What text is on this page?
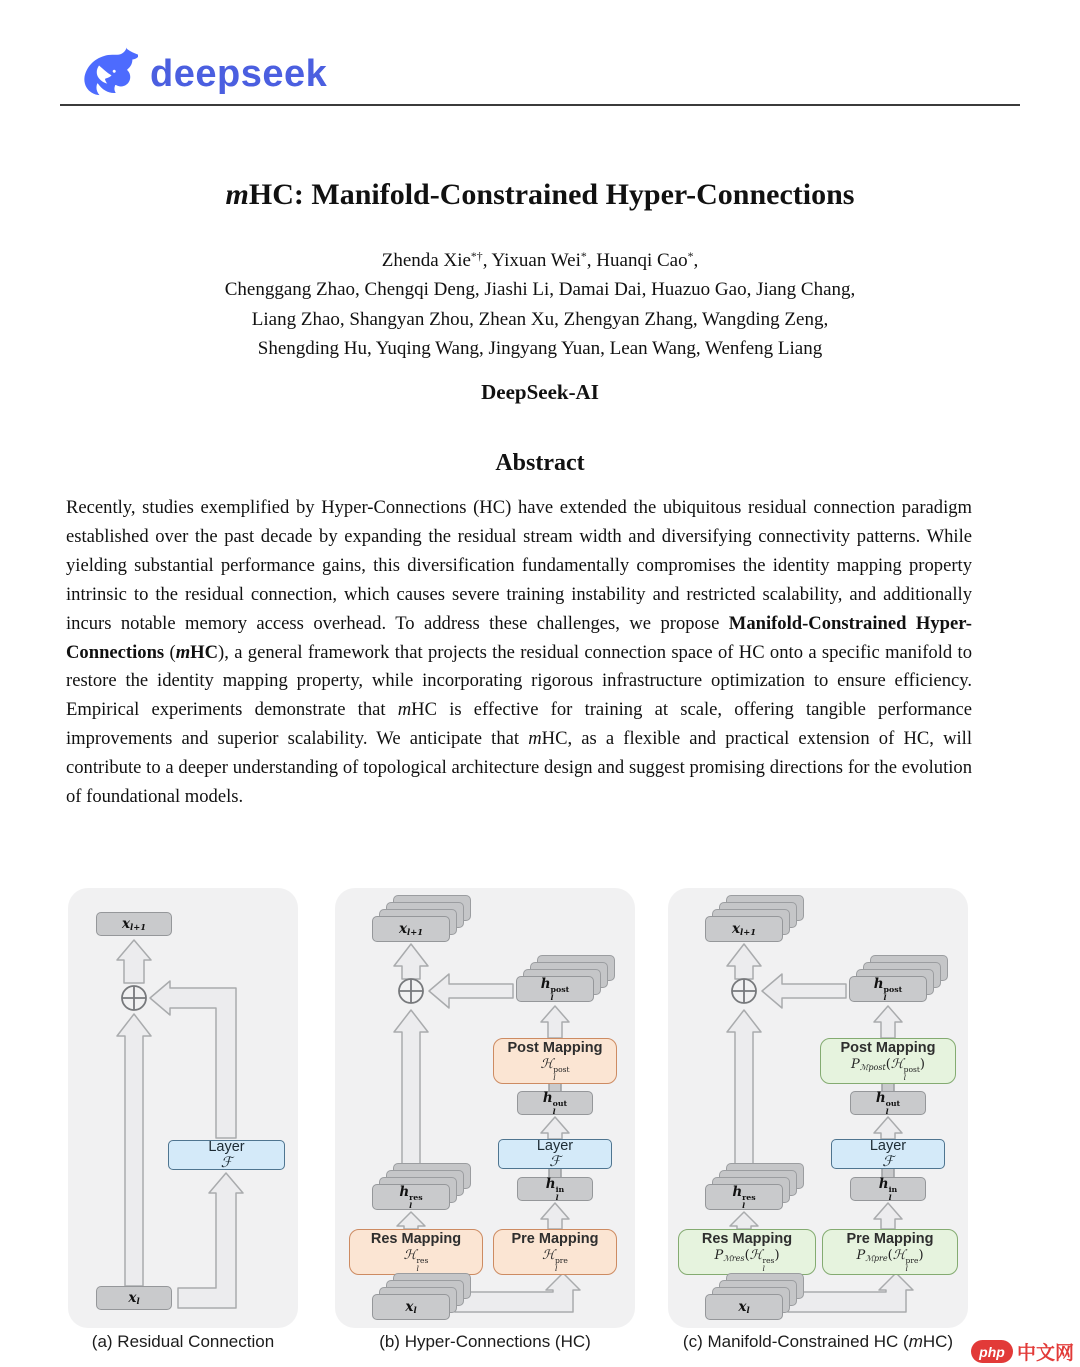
deepseek
mHC: Manifold-Constrained Hyper-Connections
Zhenda Xie*†, Yixuan Wei*, Huanqi Cao*,
Chenggang Zhao, Chengqi Deng, Jiashi Li, Damai Dai, Huazuo Gao, Jiang Chang,
Liang Zhao, Shangyan Zhou, Zhean Xu, Zhengyan Zhang, Wangding Zeng,
Shengding Hu, Yuqing Wang, Jingyang Yuan, Lean Wang, Wenfeng Liang
DeepSeek-AI
Abstract
Recently, studies exemplified by Hyper-Connections (HC) have extended the ubiquitous residual connection paradigm established over the past decade by expanding the residual stream width and diversifying connectivity patterns. While yielding substantial performance gains, this diversification fundamentally compromises the identity mapping property intrinsic to the residual connection, which causes severe training instability and restricted scalability, and additionally incurs notable memory access overhead. To address these challenges, we propose Manifold-Constrained Hyper-Connections (mHC), a general framework that projects the residual connection space of HC onto a specific manifold to restore the identity mapping property, while incorporating rigorous infrastructure optimization to ensure efficiency. Empirical experiments demonstrate that mHC is effective for training at scale, offering tangible performance improvements and superior scalability. We anticipate that mHC, as a flexible and practical extension of HC, will contribute to a deeper understanding of topological architecture design and suggest promising directions for the evolution of foundational models.
xl+1
Layer
ℱ
xl
(a) Residual Connection
xl+1
h post
l
Post Mapping
ℋ post
l
h out
l
Layer
ℱ
h in
l
Pre Mapping
ℋ pre
l
Res Mapping
ℋ res
l
h res
l
xl
(b) Hyper-Connections (HC)
xl+1
h post
l
Post Mapping
Pℳpost(ℋ post
l
)
h out
l
Layer
ℱ
h in
l
Pre Mapping
Pℳpre(ℋ pre
l
)
Res Mapping
Pℳres(ℋ res
l
)
h res
l
xl
(c) Manifold-Constrained HC (mHC)
php 中文网
